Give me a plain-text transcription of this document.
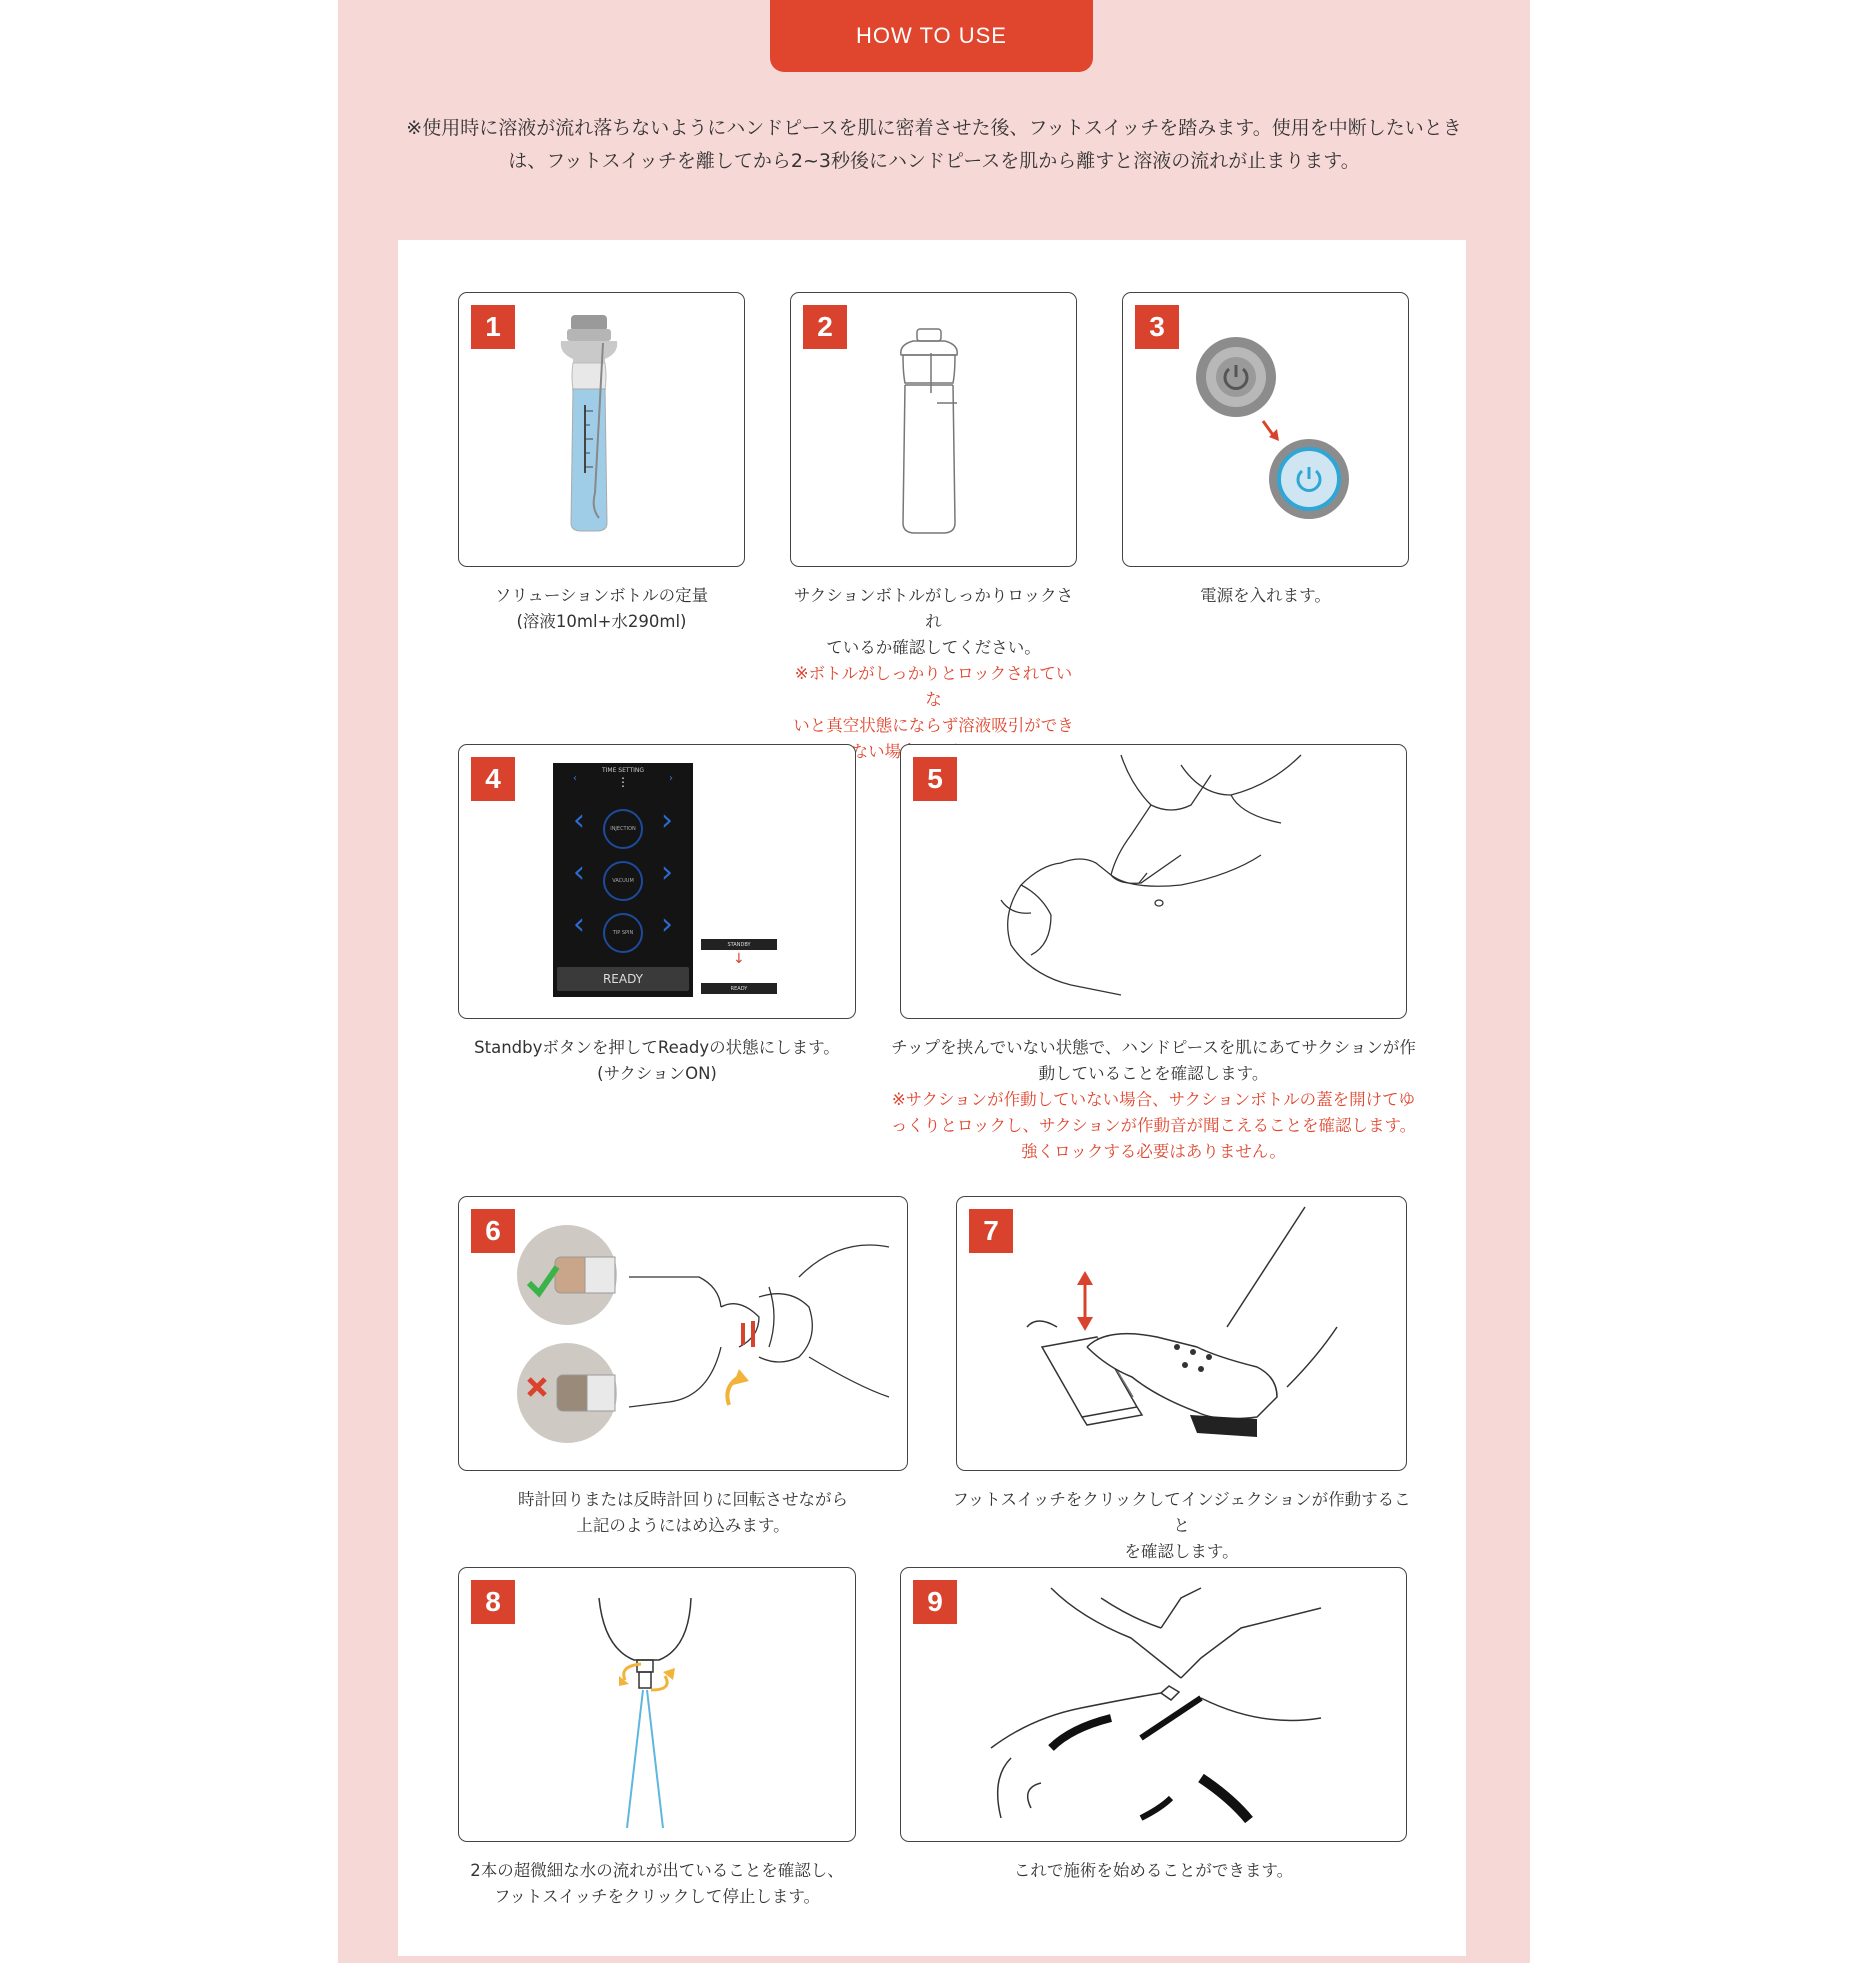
HOW TO USE
※使用時に溶液が流れ落ちないようにハンドピースを肌に密着させた後、フットスイッチを踏みます。使用を中断したいときは、フットスイッチを離してから2~3秒後にハンドピースを肌から離すと溶液の流れが止まります。
1
ソリューションボトルの定量
(溶液10ml+水290ml)
2
サクションボトルがしっかりロックされ
ているか確認してください。
※ボトルがしっかりとロックされていな
いと真空状態にならず溶液吸引ができ
3
電源を入れます。
4	TIME SETTING
⋮
‹	›
‹	INJECTION ›
‹	VACUUM ›
‹	TIP SPIN ›
READY
STANDBY
↓
READY
Standbyボタンを押してReadyの状態にします。
(サクションON)
5
チップを挟んでいない状態で、ハンドピースを肌にあてサクションが作
動していることを確認します。
※サクションが作動していない場合、サクションボトルの蓋を開けてゆ
っくりとロックし、サクションが作動音が聞こえることを確認します。
強くロックする必要はありません。
6
時計回りまたは反時計回りに回転させながら
上記のようにはめ込みます。
7
フットスイッチをクリックしてインジェクションが作動すること
を確認します。
8
2本の超微細な水の流れが出ていることを確認し、
フットスイッチをクリックして停止します。
9
これで施術を始めることができます。
